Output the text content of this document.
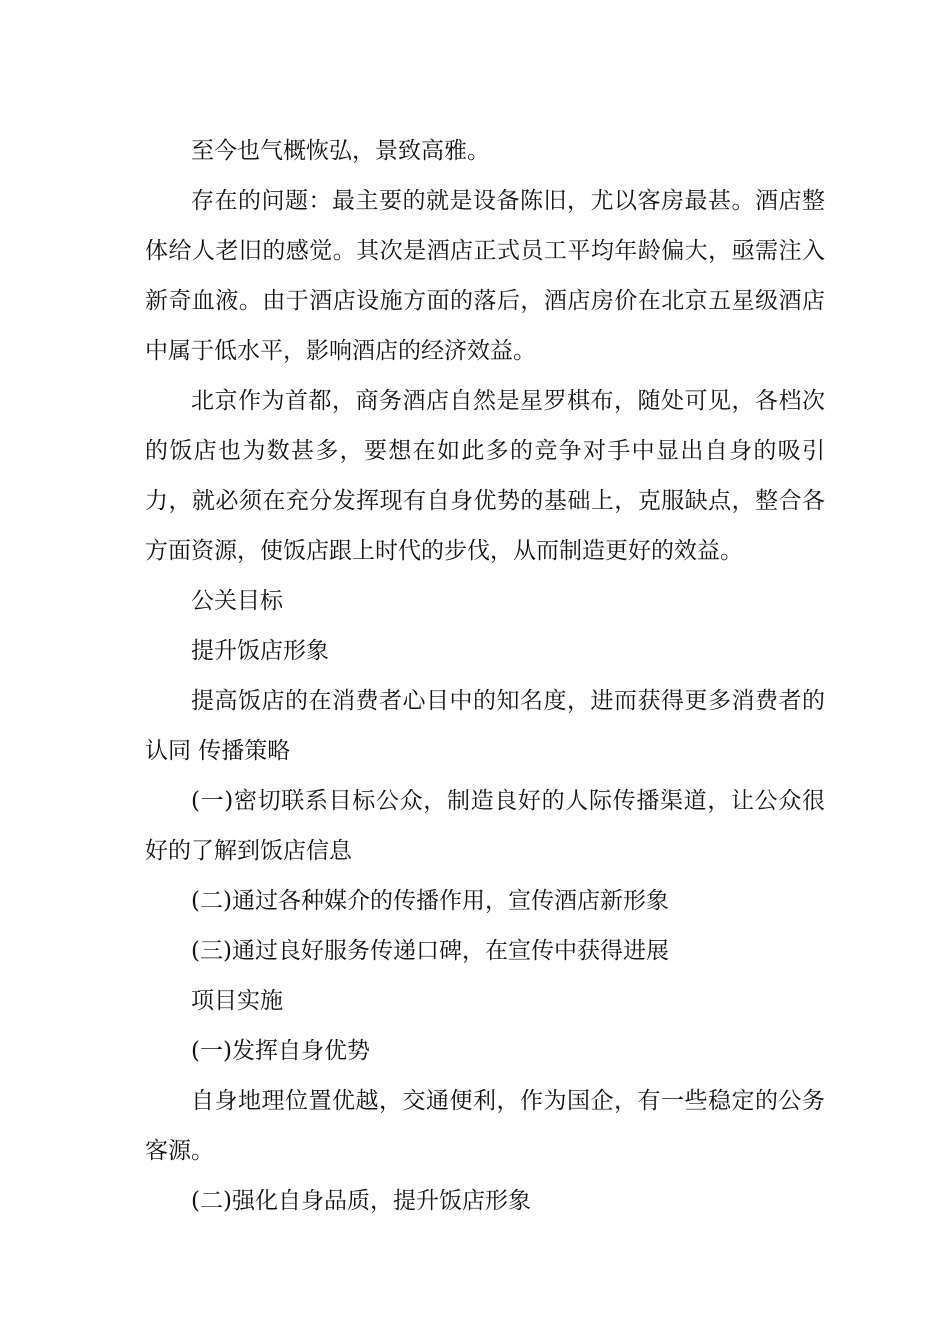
至今也气概恢弘，景致高雅。

存在的问题：最主要的就是设备陈旧，尤以客房最甚。酒店整体给人老旧的感觉。其次是酒店正式员工平均年龄偏大，亟需注入新奇血液。由于酒店设施方面的落后，酒店房价在北京五星级酒店中属于低水平，影响酒店的经济效益。

北京作为首都，商务酒店自然是星罗棋布，随处可见，各档次的饭店也为数甚多，要想在如此多的竞争对手中显出自身的吸引力，就必须在充分发挥现有自身优势的基础上，克服缺点，整合各方面资源，使饭店跟上时代的步伐，从而制造更好的效益。

公关目标

提升饭店形象

提高饭店的在消费者心目中的知名度，进而获得更多消费者的认同 传播策略

(一)密切联系目标公众，制造良好的人际传播渠道，让公众很好的了解到饭店信息

(二)通过各种媒介的传播作用，宣传酒店新形象

(三)通过良好服务传递口碑，在宣传中获得进展

项目实施

(一)发挥自身优势

自身地理位置优越，交通便利，作为国企，有一些稳定的公务客源。

(二)强化自身品质，提升饭店形象
